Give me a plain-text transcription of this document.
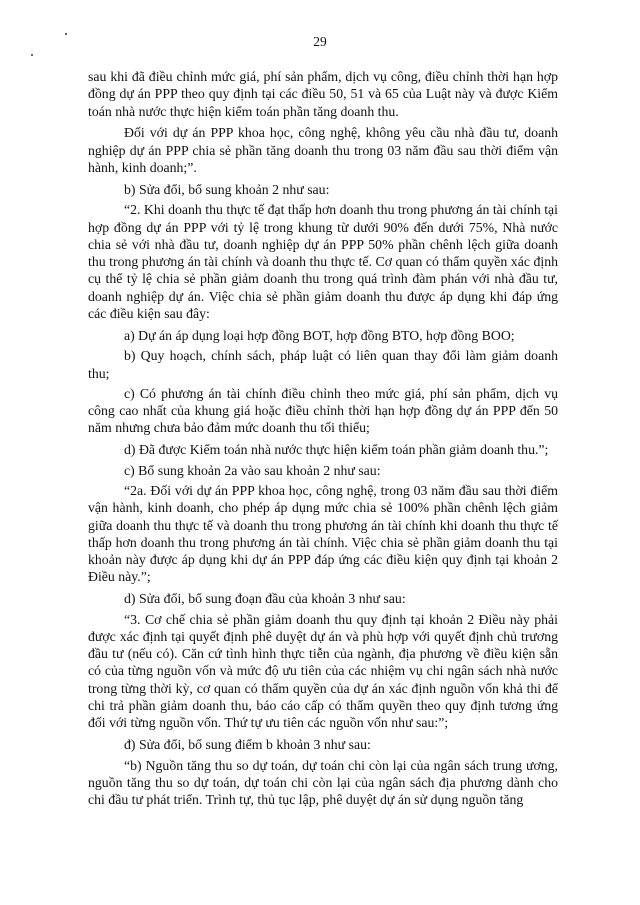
29

sau khi đã điều chỉnh mức giá, phí sản phẩm, dịch vụ công, điều chỉnh thời hạn hợp đồng dự án PPP theo quy định tại các điều 50, 51 và 65 của Luật này và được Kiểm toán nhà nước thực hiện kiểm toán phần tăng doanh thu.

Đối với dự án PPP khoa học, công nghệ, không yêu cầu nhà đầu tư, doanh nghiệp dự án PPP chia sẻ phần tăng doanh thu trong 03 năm đầu sau thời điểm vận hành, kinh doanh;”.

b) Sửa đổi, bổ sung khoản 2 như sau:

“2. Khi doanh thu thực tế đạt thấp hơn doanh thu trong phương án tài chính tại hợp đồng dự án PPP với tỷ lệ trong khung từ dưới 90% đến dưới 75%, Nhà nước chia sẻ với nhà đầu tư, doanh nghiệp dự án PPP 50% phần chênh lệch giữa doanh thu trong phương án tài chính và doanh thu thực tế. Cơ quan có thẩm quyền xác định cụ thể tỷ lệ chia sẻ phần giảm doanh thu trong quá trình đàm phán với nhà đầu tư, doanh nghiệp dự án. Việc chia sẻ phần giảm doanh thu được áp dụng khi đáp ứng các điều kiện sau đây:

a) Dự án áp dụng loại hợp đồng BOT, hợp đồng BTO, hợp đồng BOO;

b) Quy hoạch, chính sách, pháp luật có liên quan thay đổi làm giảm doanh thu;

c) Có phương án tài chính điều chỉnh theo mức giá, phí sản phẩm, dịch vụ công cao nhất của khung giá hoặc điều chỉnh thời hạn hợp đồng dự án PPP đến 50 năm nhưng chưa bảo đảm mức doanh thu tối thiểu;

d) Đã được Kiểm toán nhà nước thực hiện kiểm toán phần giảm doanh thu.”;

c) Bổ sung khoản 2a vào sau khoản 2 như sau:

“2a. Đối với dự án PPP khoa học, công nghệ, trong 03 năm đầu sau thời điểm vận hành, kinh doanh, cho phép áp dụng mức chia sẻ 100% phần chênh lệch giảm giữa doanh thu thực tế và doanh thu trong phương án tài chính khi doanh thu thực tế thấp hơn doanh thu trong phương án tài chính. Việc chia sẻ phần giảm doanh thu tại khoản này được áp dụng khi dự án PPP đáp ứng các điều kiện quy định tại khoản 2 Điều này.”;

d) Sửa đổi, bổ sung đoạn đầu của khoản 3 như sau:

“3. Cơ chế chia sẻ phần giảm doanh thu quy định tại khoản 2 Điều này phải được xác định tại quyết định phê duyệt dự án và phù hợp với quyết định chủ trương đầu tư (nếu có). Căn cứ tình hình thực tiễn của ngành, địa phương về điều kiện sẵn có của từng nguồn vốn và mức độ ưu tiên của các nhiệm vụ chi ngân sách nhà nước trong từng thời kỳ, cơ quan có thẩm quyền của dự án xác định nguồn vốn khả thi để chi trả phần giảm doanh thu, báo cáo cấp có thẩm quyền theo quy định tương ứng đối với từng nguồn vốn. Thứ tự ưu tiên các nguồn vốn như sau:”;

đ) Sửa đổi, bổ sung điểm b khoản 3 như sau:

“b) Nguồn tăng thu so dự toán, dự toán chi còn lại của ngân sách trung ương, nguồn tăng thu so dự toán, dự toán chi còn lại của ngân sách địa phương dành cho chi đầu tư phát triển. Trình tự, thủ tục lập, phê duyệt dự án sử dụng nguồn tăng
